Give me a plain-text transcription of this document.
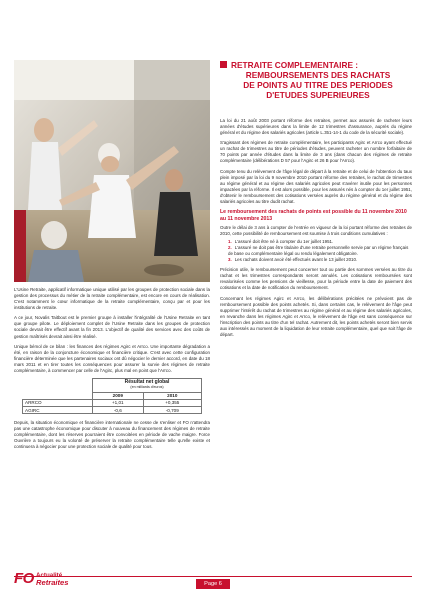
RETRAITE COMPLEMENTAIRE :
REMBOURSEMENTS DES RACHATS
DE POINTS AU TITRE DES PERIODES
D'ETUDES SUPERIEURES

L'Usine Retraite, applicatif informatique unique utilisé par les groupes de protection sociale dans la gestion des processus du métier de la retraite complémentaire, est encore en cours de réalisation. C'est notamment le cœur informatique de la retraite complémentaire, conçu par et pour les institutions de retraite.

A ce jour, Novalis Taitbout est le premier groupe à installer l'intégralité de l'Usine Retraite en tant que groupe pilote. Le déploiement complet de l'Usine Retraite dans les groupes de protection sociale devrait être effectif avant la fin 2013. L'objectif de qualité des services avec des coûts de gestion maîtrisés devrait ainsi être réalisé.

Unique bémol de ce bilan : les finances des régimes Agirc et Arrco. Une importante dégradation a été, en raison de la conjoncture économique et financière critique. C'est avec cette configuration financière déterminée que les partenaires sociaux ont dû négocier le dernier accord, en date du 18 mars 2011 et en tirer toutes les conséquences pour assurer la survie des régimes de retraite complémentaire, à commencer par celle de l'Agirc, plus mal en point que l'Arrco.

	Résultat net global
(en milliards d'euros)	

	2009	2010
ARRCO	+1,01	+0,355
AGIRC	-0,6	-0,709

Depuis, la situation économique et financière internationale ne cesse de s'enliser et FO n'attendra pas une catastrophe économique pour discuter à nouveau du financement des régimes de retraite complémentaire, dont les réserves pourraient être convoitées en période de vache maigre. Force Ouvrière a toujours eu la volonté de préserver la retraite complémentaire telle qu'elle existe et continuera à négocier pour une protection sociale de qualité pour tous.

La loi du 21 août 2003 portant réforme des retraites, permet aux assurés de racheter leurs années d'études supérieures dans la limite de 12 trimestres d'assurance, auprès du régime général et du régime des salariés agricoles (article L.351-14-1 du code de la sécurité sociale).

S'agissant des régimes de retraite complémentaire, les participants Agirc et Arrco ayant effectué un rachat de trimestres au titre de périodes d'études, peuvent racheter un nombre forfaitaire de 70 points par année d'études dans la limite de 3 ans (dans chacun des régimes de retraite complémentaire (délibérations D 57 pour l'Agirc et 26 B pour l'Arrco).

Compte tenu du relèvement de l'âge légal de départ à la retraite et de celui de l'obtention du taux plein imposé par la loi du 9 novembre 2010 portant réforme des retraites, le rachat de trimestres au régime général et au régime des salariés agricoles peut s'avérer inutile pour les personnes impactées par la réforme. Il est alors possible, pour les assurés nés à compter du 1er juillet 1951, d'obtenir le remboursement des cotisations versées auprès du régime général et du régime des salariés agricoles au titre dudit rachat.

Le remboursement des rachats de points est possible du 11 novembre 2010 au 11 novembre 2013

Outre le délai de 3 ans à compter de l'entrée en vigueur de la loi portant réforme des retraites de 2010, cette possibilité de remboursement est soumise à trois conditions cumulatives :

1. L'assuré doit être né à compter du 1er juillet 1951.
2. L'assuré ne doit pas être titulaire d'une retraite personnelle servie par un régime français de base ou complémentaire légal ou rendu légalement obligatoire.
3. Les rachats doivent avoir été effectués avant le 13 juillet 2010.

Précision utile, le remboursement peut concerner tout ou partie des sommes versées au titre du rachat et les trimestres correspondants seront annulés. Les cotisations remboursées sont revalorisées comme les pensions de vieillesse, pour la période entre la date de paiement des cotisations et la date de notification du remboursement.

Concernant les régimes Agirc et Arrco, les délibérations précitées ne prévoient pas de remboursement possible des points achetés. Si, dans certains cas, le relèvement de l'âge peut supprimer l'intérêt du rachat de trimestres au régime général et au régime des salariés agricoles, en revanche dans les régimes Agirc et Arrco, le relèvement de l'âge est sans conséquence sur l'inscription des points au titre d'un tel rachat. Autrement dit, les points achetés seront bien servis aux intéressés au moment de la liquidation de leur retraite complémentaire, quel que soit l'âge de départ.

FO Actualité
Retraites	Page 6
